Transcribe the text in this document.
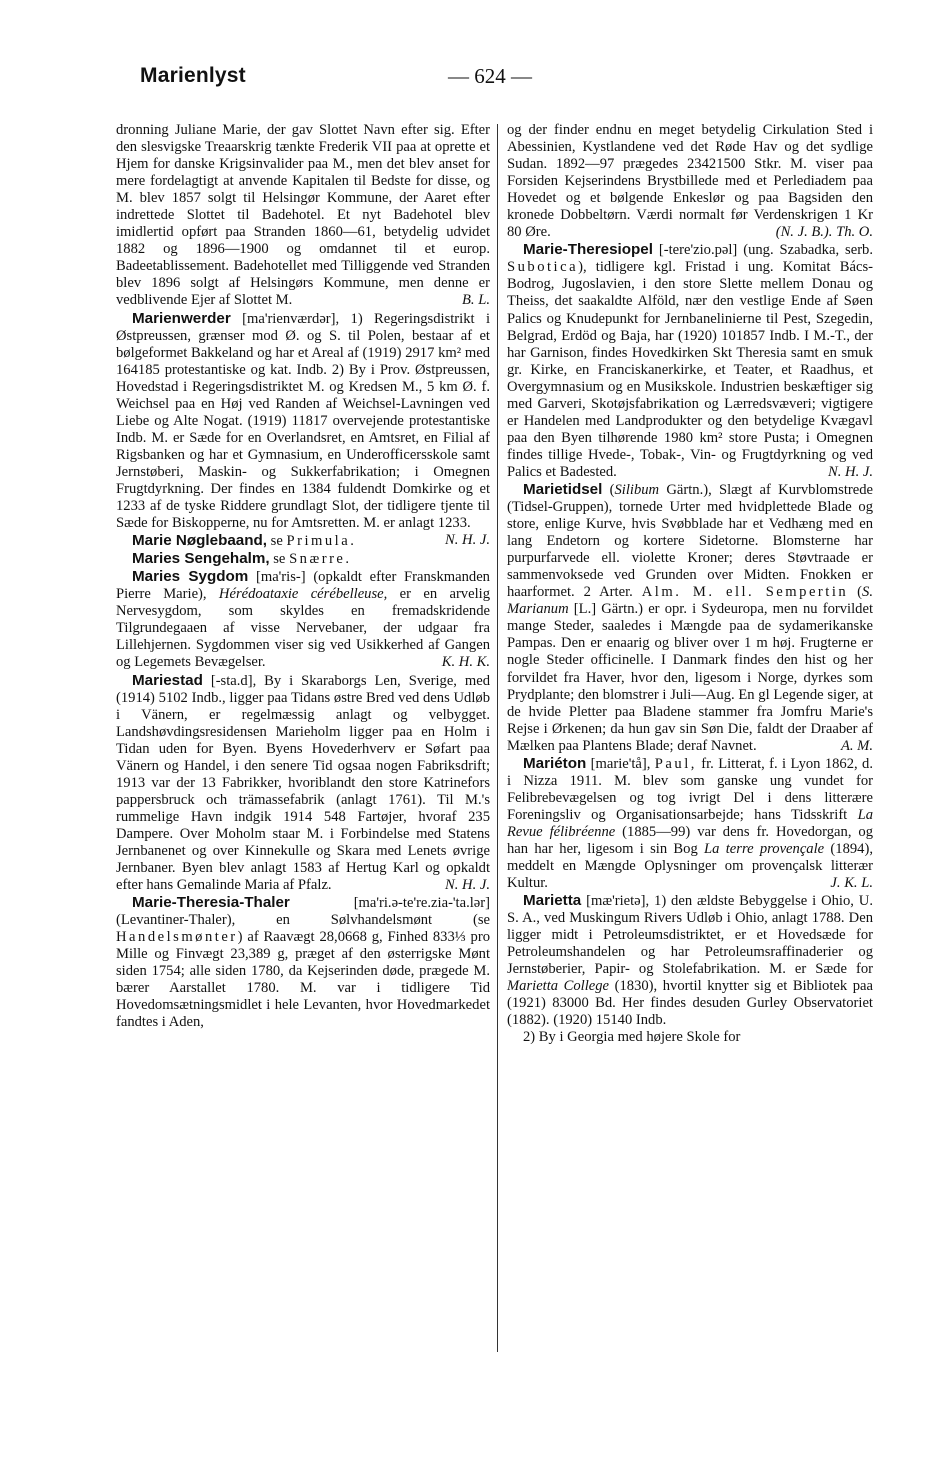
Marienlyst	— 624 —

dronning Juliane Marie, der gav Slottet Navn efter sig. Efter den slesvigske Treaarskrig tænkte Frederik VII paa at oprette et Hjem for danske Krigsinvalider paa M., men det blev anset for mere fordelagtigt at anvende Kapitalen til Bedste for disse, og M. blev 1857 solgt til Helsingør Kommune, der Aaret efter indrettede Slottet til Badehotel. Et nyt Badehotel blev imidlertid opført paa Stranden 1860—61, betydelig udvidet 1882 og 1896—1900 og omdannet til et europ. Badeetablissement. Badehotellet med Tilliggende ved Stranden blev 1896 solgt af Helsingørs Kommune, men denne er vedblivende Ejer af Slottet M.	B. L.

Marienwerder [ma'rienværdər], 1) Regeringsdistrikt i Østpreussen, grænser mod Ø. og S. til Polen, bestaar af et bølgeformet Bakkeland og har et Areal af (1919) 2917 km² med 164185 protestantiske og kat. Indb. 2) By i Prov. Østpreussen, Hovedstad i Regeringsdistriktet M. og Kredsen M., 5 km Ø. f. Weichsel paa en Høj ved Randen af Weichsel-Lavningen ved Liebe og Alte Nogat. (1919) 11817 overvejende protestantiske Indb. M. er Sæde for en Overlandsret, en Amtsret, en Filial af Rigsbanken og har et Gymnasium, en Underofficersskole samt Jernstøberi, Maskin- og Sukkerfabrikation; i Omegnen Frugtdyrkning. Der findes en 1384 fuldendt Domkirke og et 1233 af de tyske Riddere grundlagt Slot, der tidligere tjente til Sæde for Biskopperne, nu for Amtsretten. M. er anlagt 1233.
N. H. J.

Marie Nøglebaand, se Primula.

Maries Sengehalm, se Snærre.

Maries Sygdom [ma'ris-] (opkaldt efter Franskmanden Pierre Marie), Hérédoataxie cérébelleuse, er en arvelig Nervesygdom, som skyldes en fremadskridende Tilgrundegaaen af visse Nervebaner, der udgaar fra Lillehjernen. Sygdommen viser sig ved Usikkerhed af Gangen og Legemets Bevægelser.	K. H. K.

Mariestad [-sta.d], By i Skaraborgs Len, Sverige, med (1914) 5102 Indb., ligger paa Tidans østre Bred ved dens Udløb i Vänern, er regelmæssig anlagt og velbygget. Landshøvdingsresidensen Marieholm ligger paa en Holm i Tidan uden for Byen. Byens Hovederhverv er Søfart paa Vänern og Handel, i den senere Tid ogsaa nogen Fabriksdrift; 1913 var der 13 Fabrikker, hvoriblandt den store Katrinefors pappersbruck och trämassefabrik (anlagt 1761). Til M.'s rummelige Havn indgik 1914 548 Fartøjer, hvoraf 235 Dampere. Over Moholm staar M. i Forbindelse med Statens Jernbanenet og over Kinnekulle og Skara med Lenets øvrige Jernbaner. Byen blev anlagt 1583 af Hertug Karl og opkaldt efter hans Gemalinde Maria af Pfalz.	N. H. J.

Marie-Theresia-Thaler [ma'ri.ə-te're.zia-'ta.lər] (Levantiner-Thaler), en Sølvhandelsmønt (se Handelsmønter) af Raavægt 28,0668 g, Finhed 833⅓ pro Mille og Finvægt 23,389 g, præget af den østerrigske Mønt siden 1754; alle siden 1780, da Kejserinden døde, prægede M. bærer Aarstallet 1780. M. var i tidligere Tid Hovedomsætningsmidlet i hele Levanten, hvor Hovedmarkedet fandtes i Aden,

og der finder endnu en meget betydelig Cirkulation Sted i Abessinien, Kystlandene ved det Røde Hav og det sydlige Sudan. 1892—97 prægedes 23421500 Stkr. M. viser paa Forsiden Kejserindens Brystbillede med et Perlediadem paa Hovedet og et bølgende Enkeslør og paa Bagsiden den kronede Dobbeltørn. Værdi normalt før Verdenskrigen 1 Kr 80 Øre.	(N. J. B.). Th. O.

Marie-Theresiopel [-tere'zio.pəl] (ung. Szabadka, serb. Subotica), tidligere kgl. Fristad i ung. Komitat Bács-Bodrog, Jugoslavien, i den store Slette mellem Donau og Theiss, det saakaldte Alföld, nær den vestlige Ende af Søen Palics og Knudepunkt for Jernbanelinierne til Pest, Szegedin, Belgrad, Erdöd og Baja, har (1920) 101857 Indb. I M.-T., der har Garnison, findes Hovedkirken Skt Theresia samt en smuk gr. Kirke, en Franciskanerkirke, et Teater, et Raadhus, et Overgymnasium og en Musikskole. Industrien beskæftiger sig med Garveri, Skotøjsfabrikation og Lærredsvæveri; vigtigere er Handelen med Landprodukter og den betydelige Kvægavl paa den Byen tilhørende 1980 km² store Pusta; i Omegnen findes tillige Hvede-, Tobak-, Vin- og Frugtdyrkning og ved Palics et Badested.	N. H. J.

Marietidsel (Silibum Gärtn.), Slægt af Kurvblomstrede (Tidsel-Gruppen), tornede Urter med hvidplettede Blade og store, enlige Kurve, hvis Svøbblade har et Vedhæng med en lang Endetorn og kortere Sidetorne. Blomsterne har purpurfarvede ell. violette Kroner; deres Støvtraade er sammenvoksede ved Grunden over Midten. Fnokken er haarformet. 2 Arter. Alm. M. ell. Sempertin (S. Marianum [L.] Gärtn.) er opr. i Sydeuropa, men nu forvildet mange Steder, saaledes i Mængde paa de sydamerikanske Pampas. Den er enaarig og bliver over 1 m høj. Frugterne er nogle Steder officinelle. I Danmark findes den hist og her forvildet fra Haver, hvor den, ligesom i Norge, dyrkes som Prydplante; den blomstrer i Juli—Aug. En gl Legende siger, at de hvide Pletter paa Bladene stammer fra Jomfru Marie's Rejse i Ørkenen; da hun gav sin Søn Die, faldt der Draaber af Mælken paa Plantens Blade; deraf Navnet.	A. M.

Mariéton [marie'tå], Paul, fr. Litterat, f. i Lyon 1862, d. i Nizza 1911. M. blev som ganske ung vundet for Felibrebevægelsen og tog ivrigt Del i dens litterære Foreningsliv og Organisationsarbejde; hans Tidsskrift La Revue félibréenne (1885—99) var dens fr. Hovedorgan, og han har her, ligesom i sin Bog La terre provençale (1894), meddelt en Mængde Oplysninger om provençalsk litterær Kultur.	J. K. L.

Marietta [mæ'rietə], 1) den ældste Bebyggelse i Ohio, U. S. A., ved Muskingum Rivers Udløb i Ohio, anlagt 1788. Den ligger midt i Petroleumsdistriktet, er et Hovedsæde for Petroleumshandelen og har Petroleumsraffinaderier og Jernstøberier, Papir- og Stolefabrikation. M. er Sæde for Marietta College (1830), hvortil knytter sig et Bibliotek paa (1921) 83000 Bd. Her findes desuden Gurley Observatoriet (1882). (1920) 15140 Indb.

2) By i Georgia med højere Skole for
